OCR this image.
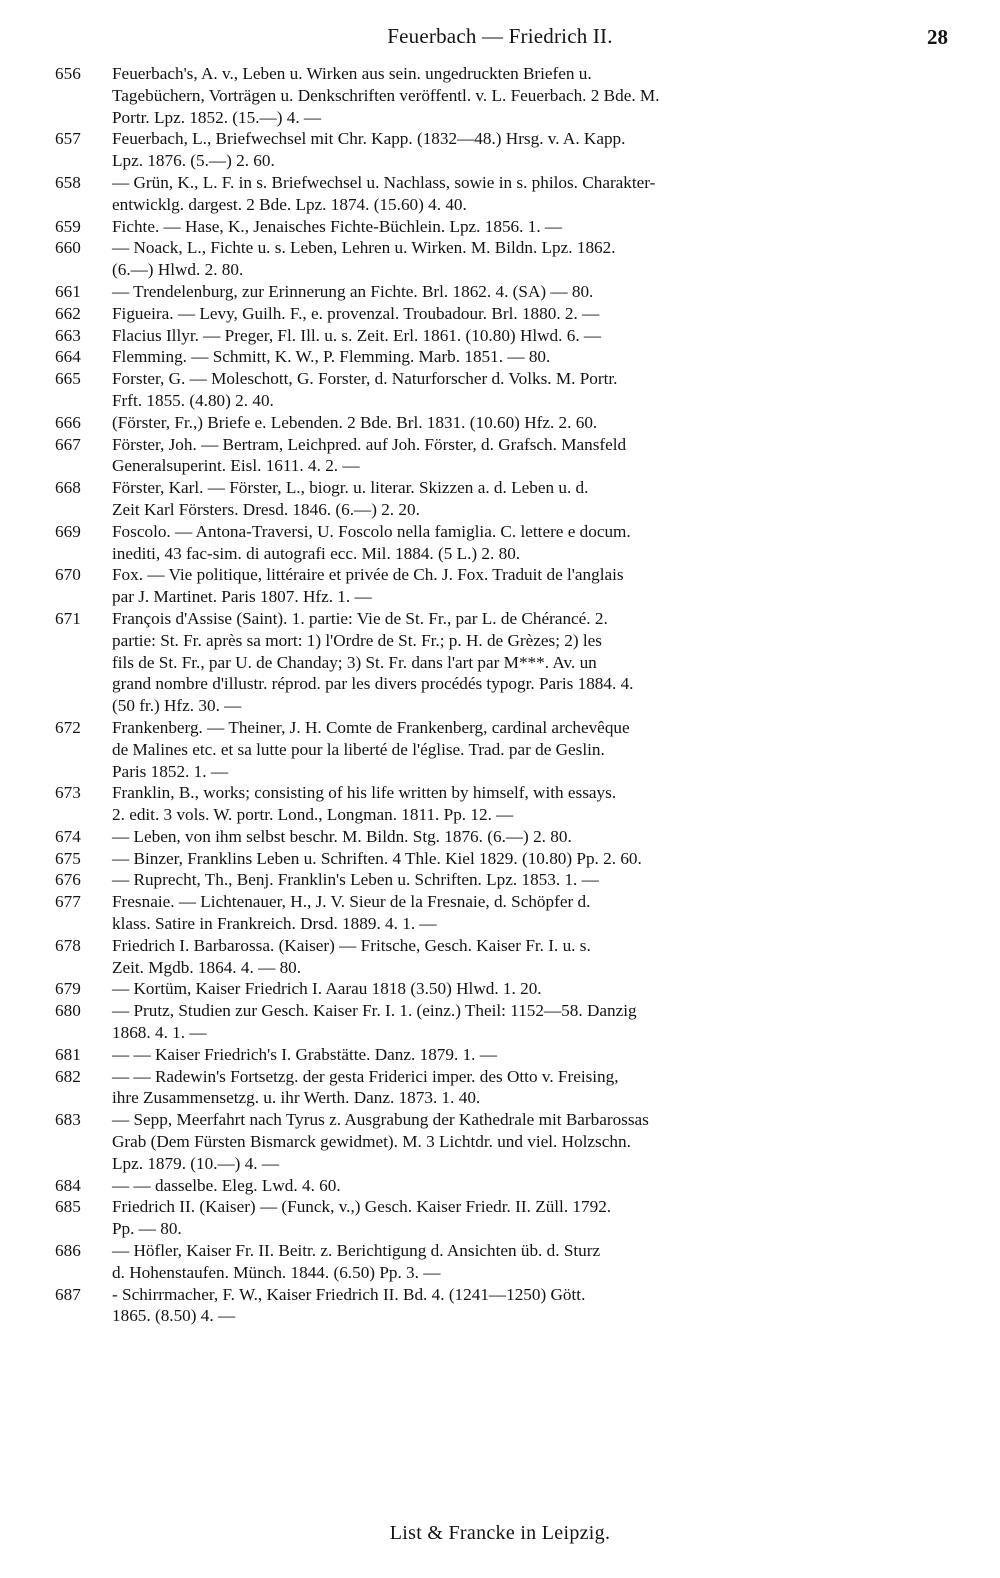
Feuerbach — Friedrich II.	28
656	Feuerbach's, A. v., Leben u. Wirken aus sein. ungedruckten Briefen u.
Tagebüchern, Vorträgen u. Denkschriften veröffentl. v. L. Feuerbach. 2 Bde. M.
Portr. Lpz. 1852. (15.—) 4. —
657	Feuerbach, L., Briefwechsel mit Chr. Kapp. (1832—48.) Hrsg. v. A. Kapp.
Lpz. 1876. (5.—) 2. 60.
658	— Grün, K., L. F. in s. Briefwechsel u. Nachlass, sowie in s. philos. Charakter-
entwicklg. dargest. 2 Bde. Lpz. 1874. (15.60) 4. 40.
659	Fichte. — Hase, K., Jenaisches Fichte-Büchlein. Lpz. 1856. 1. —
660	— Noack, L., Fichte u. s. Leben, Lehren u. Wirken. M. Bildn. Lpz. 1862.
(6.—) Hlwd. 2. 80.
661	— Trendelenburg, zur Erinnerung an Fichte. Brl. 1862. 4. (SA) — 80.
662	Figueira. — Levy, Guilh. F., e. provenzal. Troubadour. Brl. 1880. 2. —
663	Flacius Illyr. — Preger, Fl. Ill. u. s. Zeit. Erl. 1861. (10.80) Hlwd. 6. —
664	Flemming. — Schmitt, K. W., P. Flemming. Marb. 1851. — 80.
665	Forster, G. — Moleschott, G. Forster, d. Naturforscher d. Volks. M. Portr.
Frft. 1855. (4.80) 2. 40.
666	(Förster, Fr.,) Briefe e. Lebenden. 2 Bde. Brl. 1831. (10.60) Hfz. 2. 60.
667	Förster, Joh. — Bertram, Leichpred. auf Joh. Förster, d. Grafsch. Mansfeld
Generalsuperint. Eisl. 1611. 4. 2. —
668	Förster, Karl. — Förster, L., biogr. u. literar. Skizzen a. d. Leben u. d.
Zeit Karl Försters. Dresd. 1846. (6.—) 2. 20.
669	Foscolo. — Antona-Traversi, U. Foscolo nella famiglia. C. lettere e docum.
inediti, 43 fac-sim. di autografi ecc. Mil. 1884. (5 L.) 2. 80.
670	Fox. — Vie politique, littéraire et privée de Ch. J. Fox. Traduit de l'anglais
par J. Martinet. Paris 1807. Hfz. 1. —
671	François d'Assise (Saint). 1. partie: Vie de St. Fr., par L. de Chérancé. 2.
partie: St. Fr. après sa mort: 1) l'Ordre de St. Fr.; p. H. de Grèzes; 2) les
fils de St. Fr., par U. de Chanday; 3) St. Fr. dans l'art par M***. Av. un
grand nombre d'illustr. réprod. par les divers procédés typogr. Paris 1884. 4.
(50 fr.) Hfz. 30. —
672	Frankenberg. — Theiner, J. H. Comte de Frankenberg, cardinal archevêque
de Malines etc. et sa lutte pour la liberté de l'église. Trad. par de Geslin.
Paris 1852. 1. —
673	Franklin, B., works; consisting of his life written by himself, with essays.
2. edit. 3 vols. W. portr. Lond., Longman. 1811. Pp. 12. —
674	— Leben, von ihm selbst beschr. M. Bildn. Stg. 1876. (6.—) 2. 80.
675	— Binzer, Franklins Leben u. Schriften. 4 Thle. Kiel 1829. (10.80) Pp. 2. 60.
676	— Ruprecht, Th., Benj. Franklin's Leben u. Schriften. Lpz. 1853. 1. —
677	Fresnaie. — Lichtenauer, H., J. V. Sieur de la Fresnaie, d. Schöpfer d.
klass. Satire in Frankreich. Drsd. 1889. 4. 1. —
678	Friedrich I. Barbarossa. (Kaiser) — Fritsche, Gesch. Kaiser Fr. I. u. s.
Zeit. Mgdb. 1864. 4. — 80.
679	— Kortüm, Kaiser Friedrich I. Aarau 1818 (3.50) Hlwd. 1. 20.
680	— Prutz, Studien zur Gesch. Kaiser Fr. I. 1. (einz.) Theil: 1152—58. Danzig
1868. 4. 1. —
681	— — Kaiser Friedrich's I. Grabstätte. Danz. 1879. 1. —
682	— — Radewin's Fortsetzg. der gesta Friderici imper. des Otto v. Freising,
ihre Zusammensetzg. u. ihr Werth. Danz. 1873. 1. 40.
683	— Sepp, Meerfahrt nach Tyrus z. Ausgrabung der Kathedrale mit Barbarossas
Grab (Dem Fürsten Bismarck gewidmet). M. 3 Lichtdr. und viel. Holzschn.
Lpz. 1879. (10.—) 4. —
684	— — dasselbe. Eleg. Lwd. 4. 60.
685	Friedrich II. (Kaiser) — (Funck, v.,) Gesch. Kaiser Friedr. II. Züll. 1792.
Pp. — 80.
686	— Höfler, Kaiser Fr. II. Beitr. z. Berichtigung d. Ansichten üb. d. Sturz
d. Hohenstaufen. Münch. 1844. (6.50) Pp. 3. —
687	- Schirrmacher, F. W., Kaiser Friedrich II. Bd. 4. (1241—1250) Gött.
1865. (8.50) 4. —
List & Francke in Leipzig.
